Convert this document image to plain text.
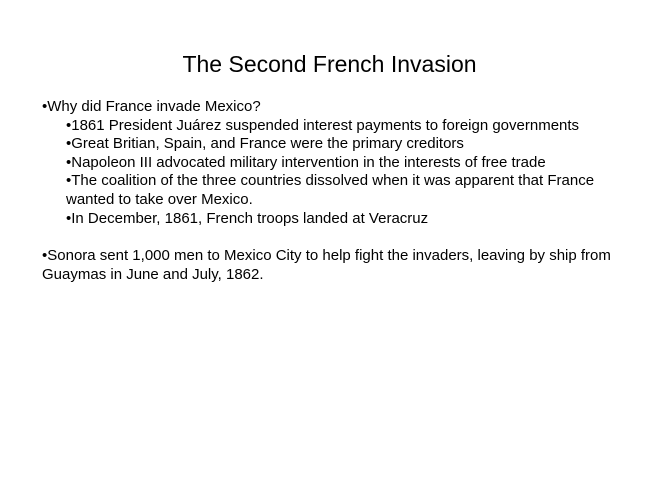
The Second French Invasion

•Why did France invade Mexico?

•1861 President Juárez suspended interest payments to foreign governments
•Great Britian, Spain, and France were the primary creditors
•Napoleon III advocated military intervention in the interests of free trade
•The coalition of the three countries dissolved when it was apparent that France wanted to take over Mexico.
•In December, 1861, French troops landed at Veracruz

•Sonora sent 1,000 men to Mexico City to help fight the invaders, leaving by ship from Guaymas in June and July, 1862.
